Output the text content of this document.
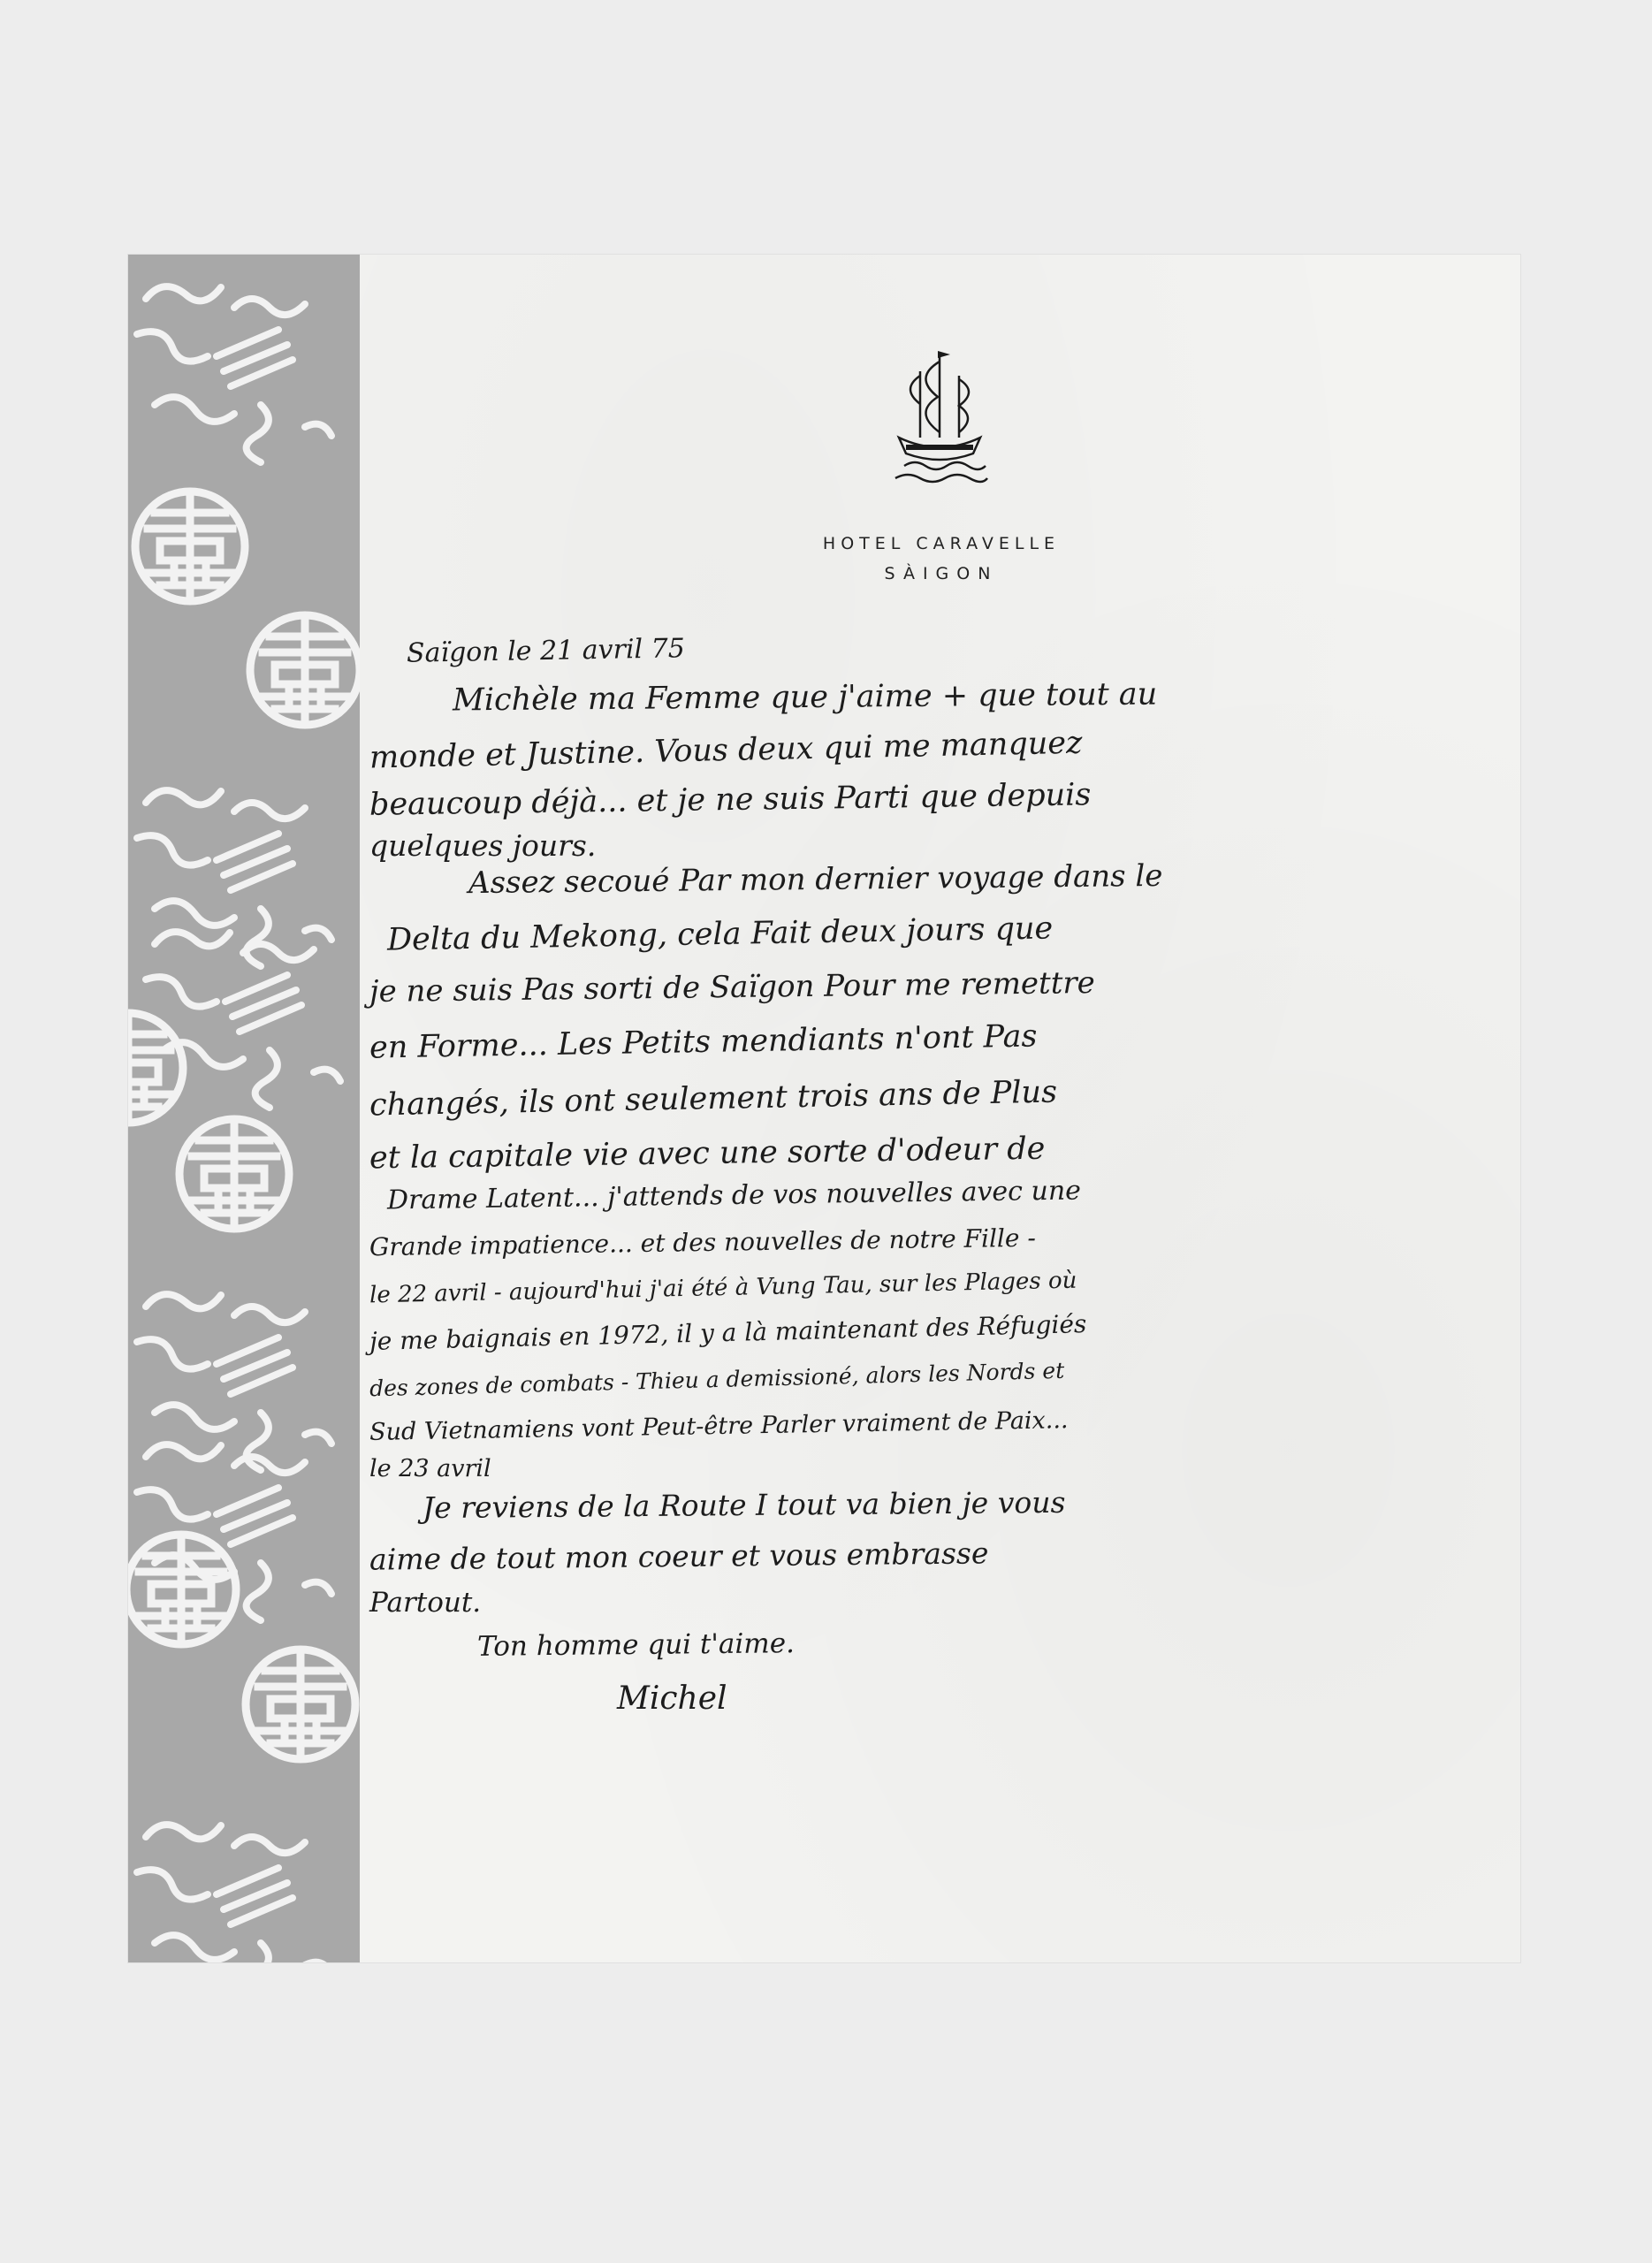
HOTEL CARAVELLE
SÀIGON
Saïgon le 21 avril 75
Michèle ma Femme que j'aime + que tout au
monde et Justine. Vous deux qui me manquez
beaucoup déjà... et je ne suis Parti que depuis
quelques jours.
Assez secoué Par mon dernier voyage dans le
Delta du Mekong, cela Fait deux jours que
je ne suis Pas sorti de Saïgon Pour me remettre
en Forme... Les Petits mendiants n'ont Pas
changés, ils ont seulement trois ans de Plus
et la capitale vie avec une sorte d'odeur de
Drame Latent... j'attends de vos nouvelles avec une
Grande impatience... et des nouvelles de notre Fille -
le 22 avril - aujourd'hui j'ai été à Vung Tau, sur les Plages où
je me baignais en 1972, il y a là maintenant des Réfugiés
des zones de combats - Thieu a demissioné, alors les Nords et
Sud Vietnamiens vont Peut-être Parler vraiment de Paix...
le 23 avril
Je reviens de la Route I tout va bien je vous
aime de tout mon coeur et vous embrasse
Partout.
Ton homme qui t'aime.
Michel
